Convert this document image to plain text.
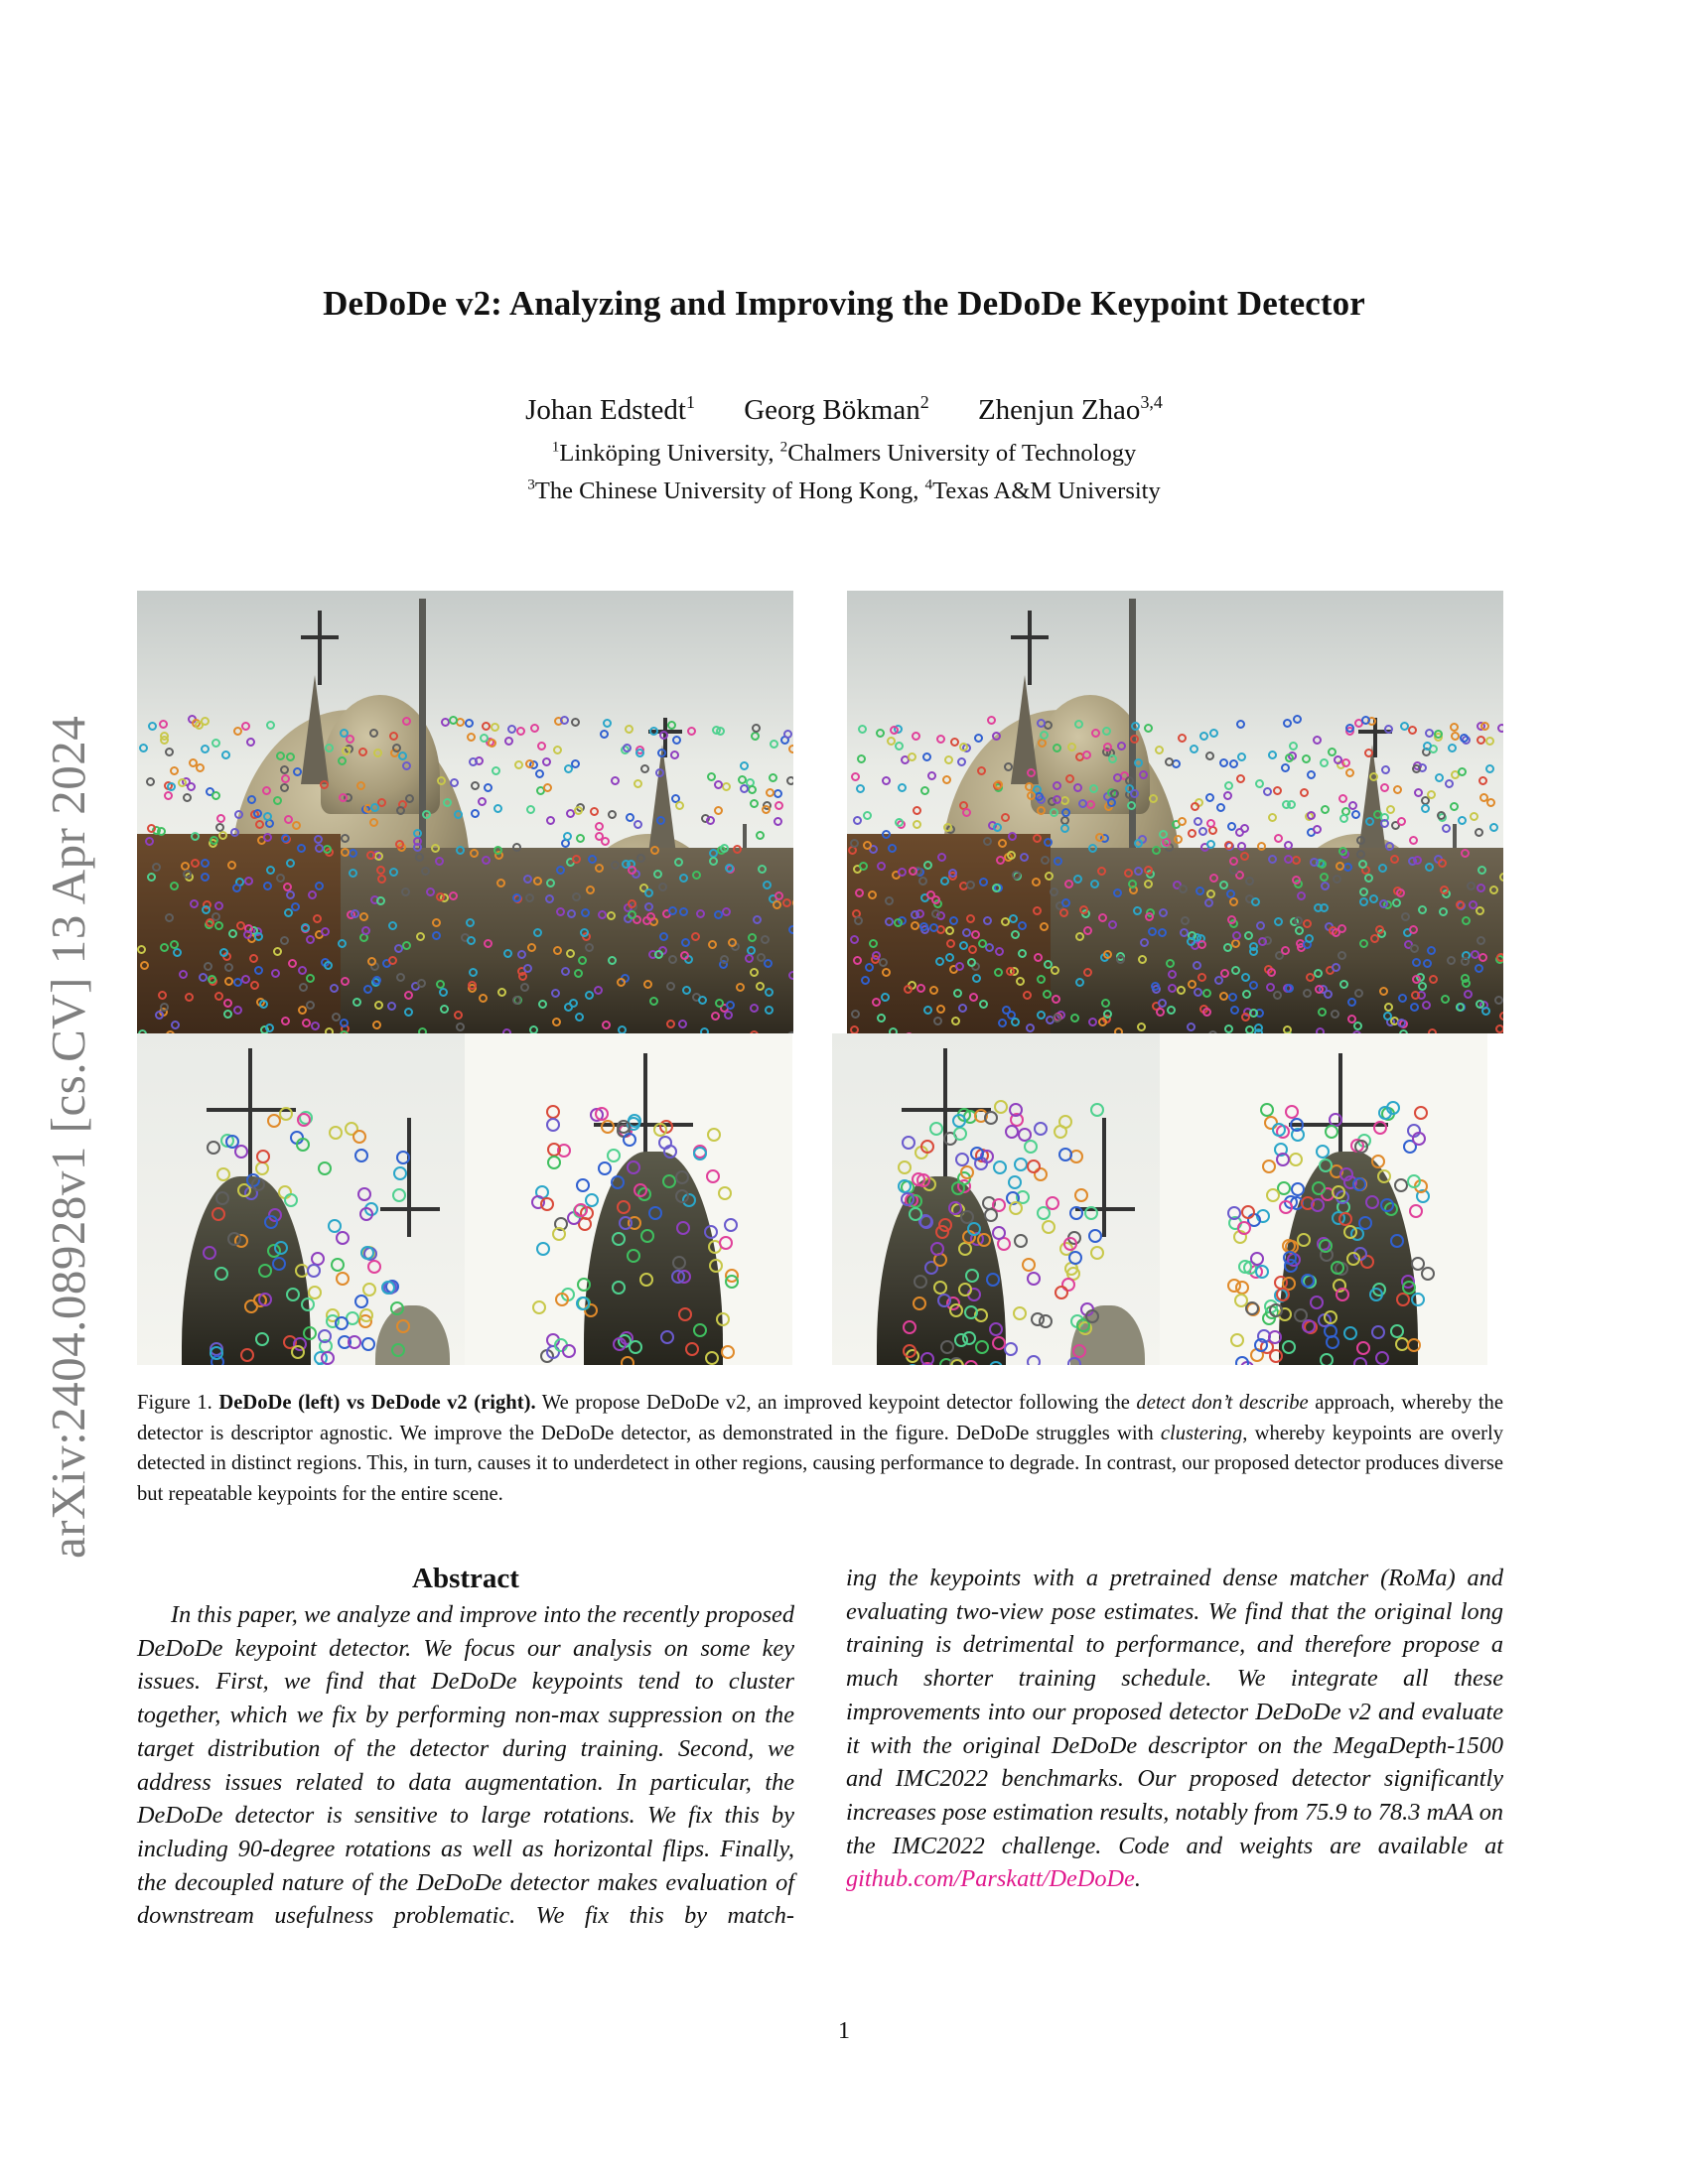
arXiv:2404.08928v1 [cs.CV] 13 Apr 2024
DeDoDe v2: Analyzing and Improving the DeDoDe Keypoint Detector
Johan Edstedt$^1$ Georg Bökman$^2$ Zhenjun Zhao$^{3,4}$
$^1$Linköping University, $^2$Chalmers University of Technology
$^3$The Chinese University of Hong Kong, $^4$Texas A&M University

Figure 1. DeDoDe (left) vs DeDode v2 (right). We propose DeDoDe v2, an improved keypoint detector following the detect don’t describe approach, whereby the detector is descriptor agnostic. We improve the DeDoDe detector, as demonstrated in the figure. DeDoDe struggles with clustering, whereby keypoints are overly detected in distinct regions. This, in turn, causes it to underdetect in other regions, causing performance to degrade. In contrast, our proposed detector produces diverse but repeatable keypoints for the entire scene.

Abstract

In this paper, we analyze and improve into the recently proposed DeDoDe keypoint detector. We focus our analysis on some key issues. First, we find that DeDoDe keypoints tend to cluster together, which we fix by performing non-max suppression on the target distribution of the detector during training. Second, we address issues related to data augmentation. In particular, the DeDoDe detector is sensitive to large rotations. We fix this by including 90-degree rotations as well as horizontal flips. Finally, the decoupled nature of the DeDoDe detector makes evaluation of downstream usefulness problematic. We fix this by match-

ing the keypoints with a pretrained dense matcher (RoMa) and evaluating two-view pose estimates. We find that the original long training is detrimental to performance, and therefore propose a much shorter training schedule. We integrate all these improvements into our proposed detector DeDoDe v2 and evaluate it with the original DeDoDe descriptor on the MegaDepth-1500 and IMC2022 benchmarks. Our proposed detector significantly increases pose estimation results, notably from 75.9 to 78.3 mAA on the IMC2022 challenge. Code and weights are available at github.com/Parskatt/DeDoDe.

1
